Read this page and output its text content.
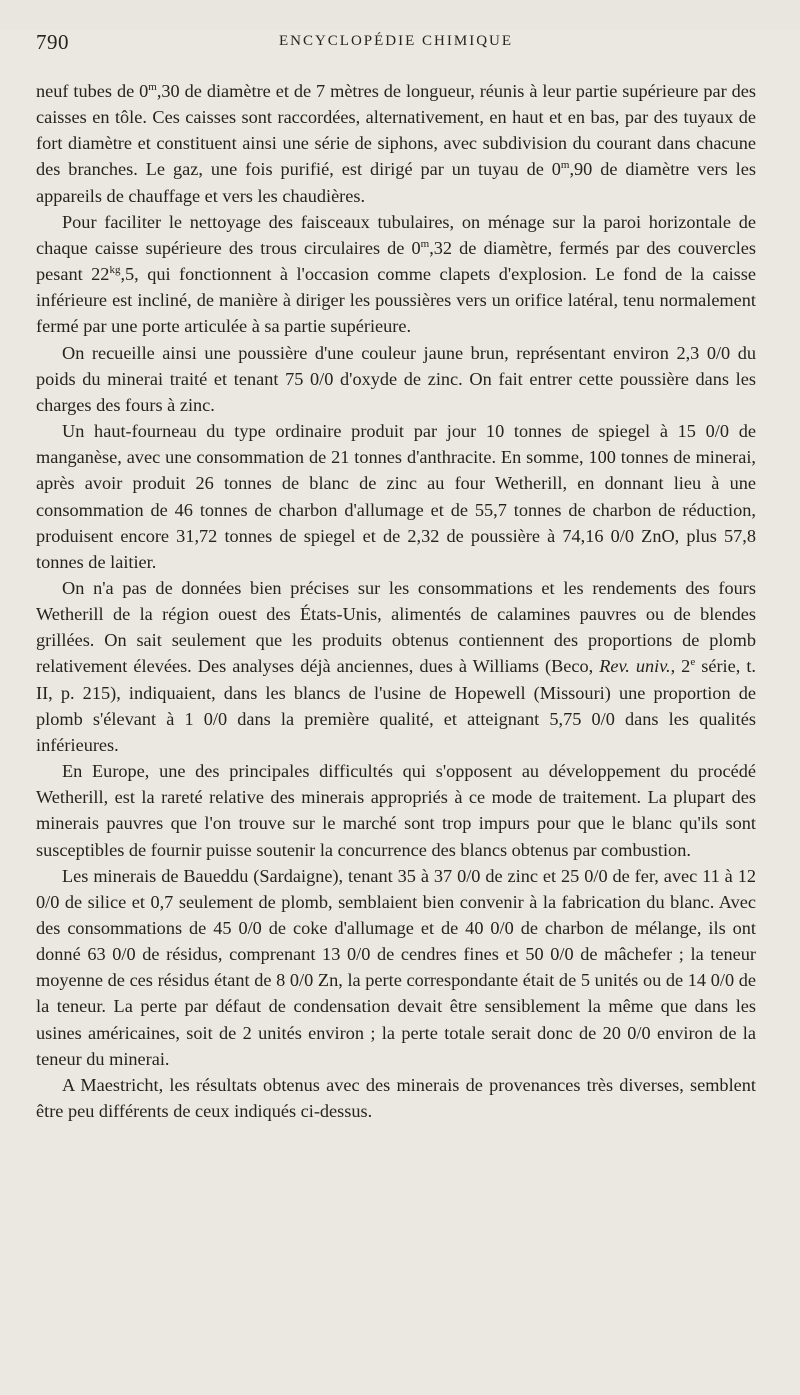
790	ENCYCLOPÉDIE CHIMIQUE

neuf tubes de 0$^m$,30 de diamètre et de 7 mètres de longueur, réunis à leur partie supérieure par des caisses en tôle. Ces caisses sont raccordées, alternativement, en haut et en bas, par des tuyaux de fort diamètre et constituent ainsi une série de siphons, avec subdivision du courant dans chacune des branches. Le gaz, une fois purifié, est dirigé par un tuyau de 0$^m$,90 de diamètre vers les appareils de chauffage et vers les chaudières.

Pour faciliter le nettoyage des faisceaux tubulaires, on ménage sur la paroi horizontale de chaque caisse supérieure des trous circulaires de 0$^m$,32 de diamètre, fermés par des couvercles pesant $22^{kg},5$, qui fonctionnent à l'occasion comme clapets d'explosion. Le fond de la caisse inférieure est incliné, de manière à diriger les poussières vers un orifice latéral, tenu normalement fermé par une porte articulée à sa partie supérieure.

On recueille ainsi une poussière d'une couleur jaune brun, représentant environ 2,3 0/0 du poids du minerai traité et tenant 75 0/0 d'oxyde de zinc. On fait entrer cette poussière dans les charges des fours à zinc.

Un haut-fourneau du type ordinaire produit par jour 10 tonnes de spiegel à 15 0/0 de manganèse, avec une consommation de 21 tonnes d'anthracite. En somme, 100 tonnes de minerai, après avoir produit 26 tonnes de blanc de zinc au four Wetherill, en donnant lieu à une consommation de 46 tonnes de charbon d'allumage et de 55,7 tonnes de charbon de réduction, produisent encore 31,72 tonnes de spiegel et de 2,32 de poussière à 74,16 0/0 ZnO, plus 57,8 tonnes de laitier.

On n'a pas de données bien précises sur les consommations et les rendements des fours Wetherill de la région ouest des États-Unis, alimentés de calamines pauvres ou de blendes grillées. On sait seulement que les produits obtenus contiennent des proportions de plomb relativement élevées. Des analyses déjà anciennes, dues à Williams (Beco, Rev. univ., 2e série, t. II, p. 215), indiquaient, dans les blancs de l'usine de Hopewell (Missouri) une proportion de plomb s'élevant à 1 0/0 dans la première qualité, et atteignant 5,75 0/0 dans les qualités inférieures.

En Europe, une des principales difficultés qui s'opposent au développement du procédé Wetherill, est la rareté relative des minerais appropriés à ce mode de traitement. La plupart des minerais pauvres que l'on trouve sur le marché sont trop impurs pour que le blanc qu'ils sont susceptibles de fournir puisse soutenir la concurrence des blancs obtenus par combustion.

Les minerais de Baueddu (Sardaigne), tenant 35 à 37 0/0 de zinc et 25 0/0 de fer, avec 11 à 12 0/0 de silice et 0,7 seulement de plomb, semblaient bien convenir à la fabrication du blanc. Avec des consommations de 45 0/0 de coke d'allumage et de 40 0/0 de charbon de mélange, ils ont donné 63 0/0 de résidus, comprenant 13 0/0 de cendres fines et 50 0/0 de mâchefer ; la teneur moyenne de ces résidus étant de 8 0/0 Zn, la perte correspondante était de 5 unités ou de 14 0/0 de la teneur. La perte par défaut de condensation devait être sensiblement la même que dans les usines américaines, soit de 2 unités environ ; la perte totale serait donc de 20 0/0 environ de la teneur du minerai.

A Maestricht, les résultats obtenus avec des minerais de provenances très diverses, semblent être peu différents de ceux indiqués ci-dessus.
